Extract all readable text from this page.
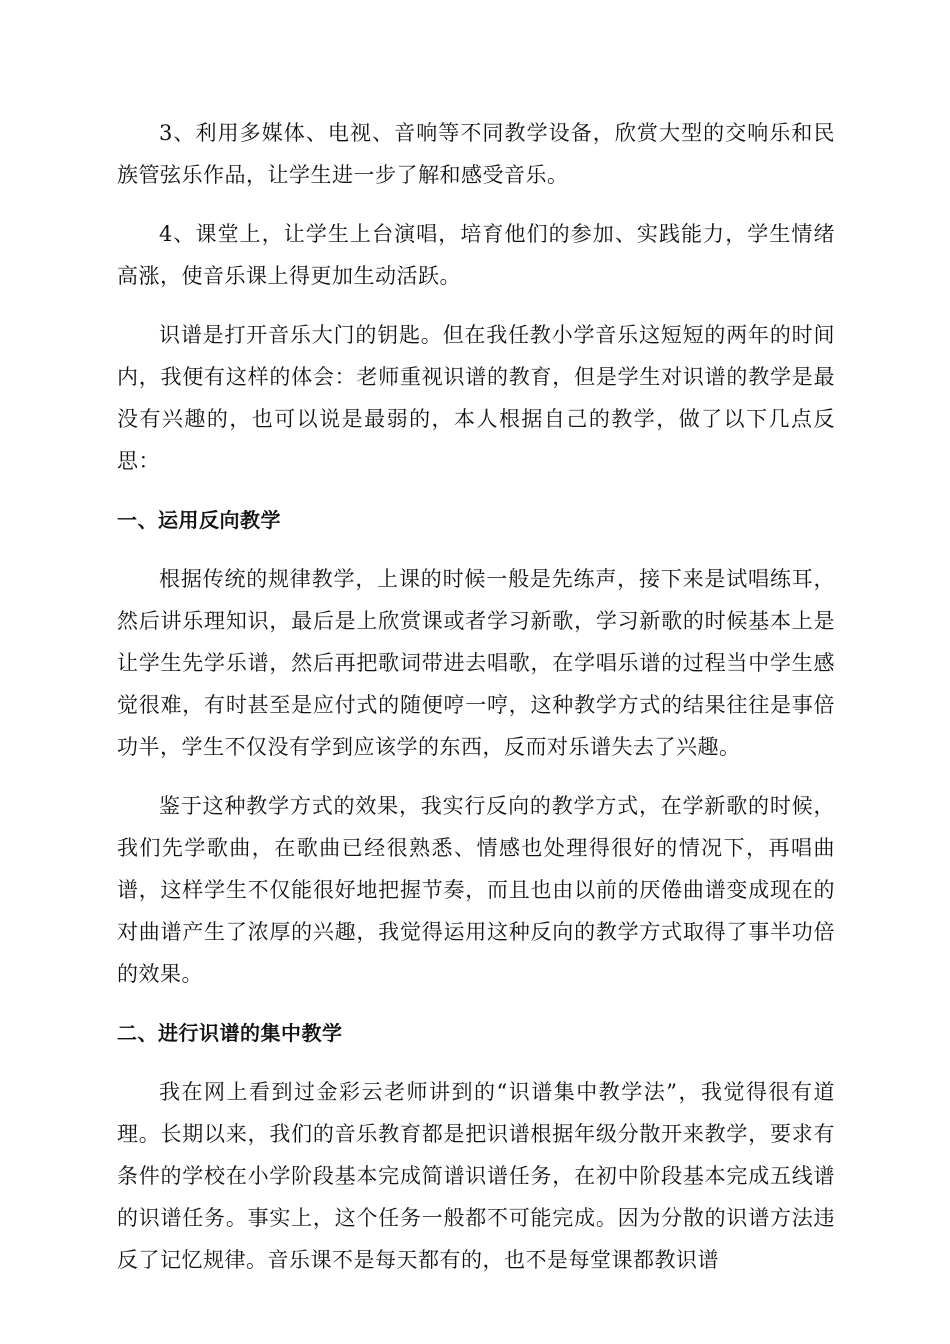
3、利用多媒体、电视、音响等不同教学设备，欣赏大型的交响乐和民族管弦乐作品，让学生进一步了解和感受音乐。

4、课堂上，让学生上台演唱，培育他们的参加、实践能力，学生情绪高涨，使音乐课上得更加生动活跃。

识谱是打开音乐大门的钥匙。但在我任教小学音乐这短短的两年的时间内，我便有这样的体会：老师重视识谱的教育，但是学生对识谱的教学是最没有兴趣的，也可以说是最弱的，本人根据自己的教学，做了以下几点反思：

一、运用反向教学

根据传统的规律教学，上课的时候一般是先练声，接下来是试唱练耳，然后讲乐理知识，最后是上欣赏课或者学习新歌，学习新歌的时候基本上是让学生先学乐谱，然后再把歌词带进去唱歌，在学唱乐谱的过程当中学生感觉很难，有时甚至是应付式的随便哼一哼，这种教学方式的结果往往是事倍功半，学生不仅没有学到应该学的东西，反而对乐谱失去了兴趣。

鉴于这种教学方式的效果，我实行反向的教学方式，在学新歌的时候，我们先学歌曲，在歌曲已经很熟悉、情感也处理得很好的情况下，再唱曲谱，这样学生不仅能很好地把握节奏，而且也由以前的厌倦曲谱变成现在的对曲谱产生了浓厚的兴趣，我觉得运用这种反向的教学方式取得了事半功倍的效果。

二、进行识谱的集中教学

我在网上看到过金彩云老师讲到的“识谱集中教学法”，我觉得很有道理。长期以来，我们的音乐教育都是把识谱根据年级分散开来教学，要求有条件的学校在小学阶段基本完成简谱识谱任务，在初中阶段基本完成五线谱的识谱任务。事实上，这个任务一般都不可能完成。因为分散的识谱方法违反了记忆规律。音乐课不是每天都有的，也不是每堂课都教识谱
